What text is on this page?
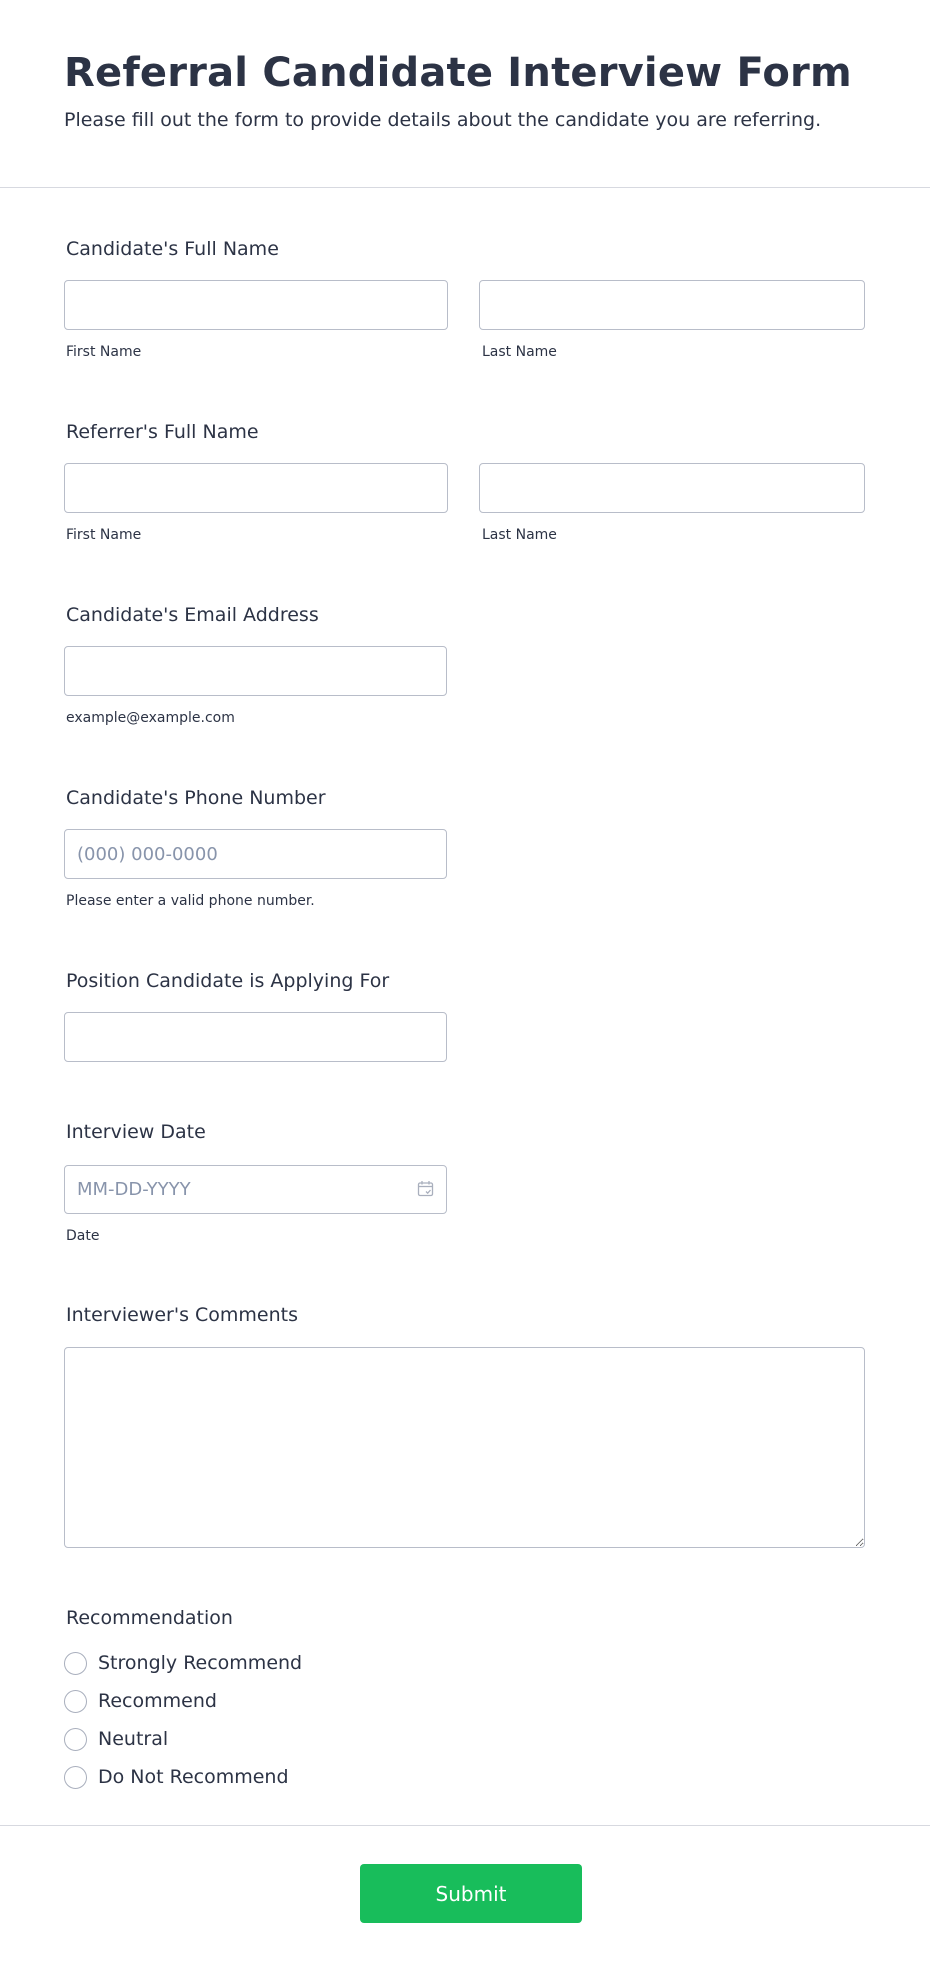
Referral Candidate Interview Form

Please fill out the form to provide details about the candidate you are referring.

Candidate's Full Name
First Name	Last Name
Referrer's Full Name
First Name	Last Name
Candidate's Email Address
example@example.com
Candidate's Phone Number
(000) 000-0000
Please enter a valid phone number.
Position Candidate is Applying For
Interview Date
MM-DD-YYYY
Date
Interviewer's Comments
Recommendation
Strongly Recommend
Recommend
Neutral
Do Not Recommend
Submit
